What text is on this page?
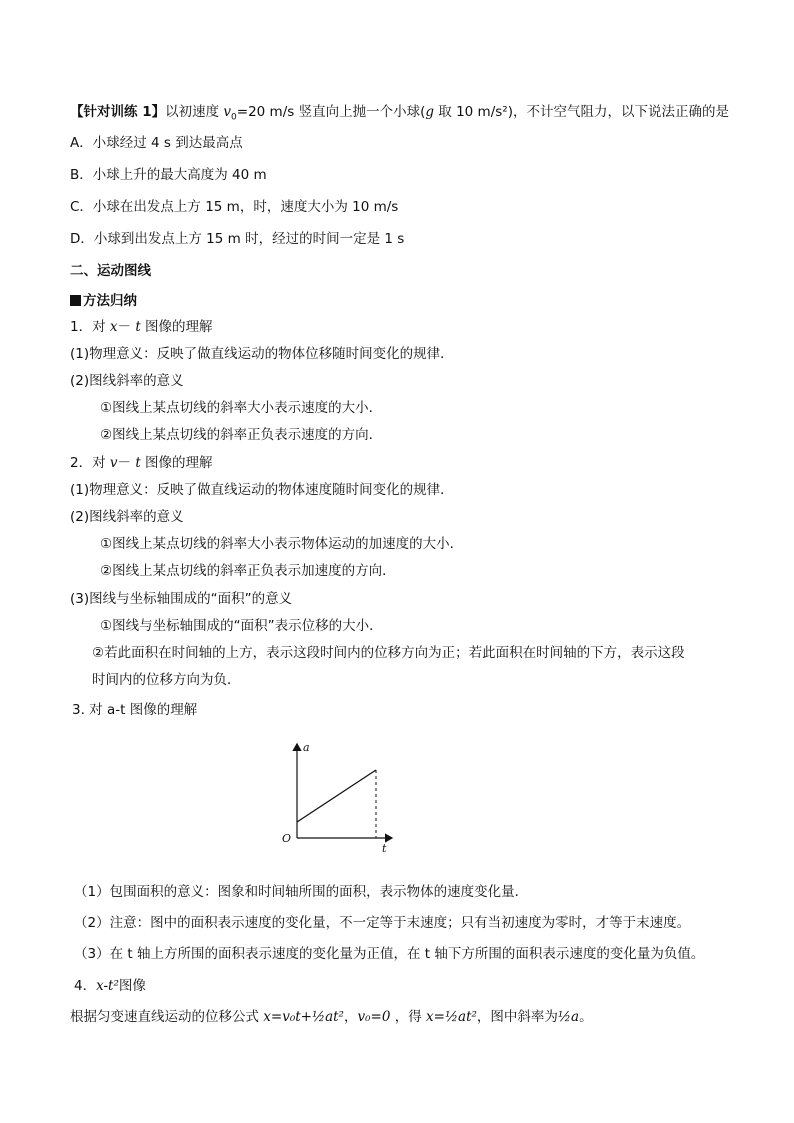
【针对训练 1】以初速度 $v_0=20$ m/s 竖直向上抛一个小球(g 取 10 m/s²)，不计空气阻力，以下说法正确的是
A．小球经过 4 s 到达最高点
B．小球上升的最大高度为 40 m
C．小球在出发点上方 15 m，时，速度大小为 10 m/s
D．小球到出发点上方 15 m 时，经过的时间一定是 1 s
二、运动图线
方法归纳
1．对 x－ t 图像的理解
(1)物理意义：反映了做直线运动的物体位移随时间变化的规律．
(2)图线斜率的意义
①图线上某点切线的斜率大小表示速度的大小．
②图线上某点切线的斜率正负表示速度的方向．
2．对 v－ t 图像的理解
(1)物理意义：反映了做直线运动的物体速度随时间变化的规律．
(2)图线斜率的意义
①图线上某点切线的斜率大小表示物体运动的加速度的大小．
②图线上某点切线的斜率正负表示加速度的方向．
(3)图线与坐标轴围成的“面积”的意义
①图线与坐标轴围成的“面积”表示位移的大小．
②若此面积在时间轴的上方，表示这段时间内的位移方向为正；若此面积在时间轴的下方，表示这段
时间内的位移方向为负．
3. 对 a-t 图像的理解
a
O
t
（1）包围面积的意义：图象和时间轴所围的面积，表示物体的速度变化量．
（2）注意：图中的面积表示速度的变化量，不一定等于末速度；只有当初速度为零时，才等于末速度。
（3）在 t 轴上方所围的面积表示速度的变化量为正值，在 t 轴下方所围的面积表示速度的变化量为负值。
4．x-t²图像
根据匀变速直线运动的位移公式 x=v₀t+½at²，v₀=0 ，得 x=½at²，图中斜率为½a。
